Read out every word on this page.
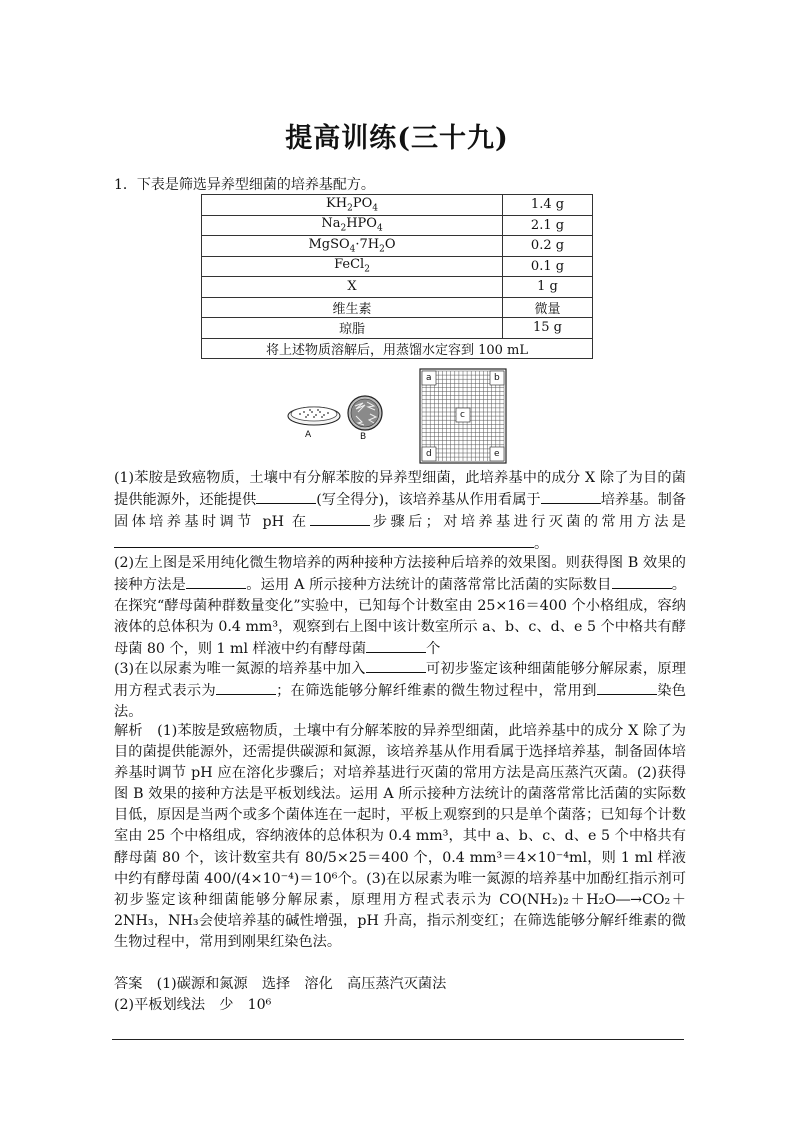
提高训练(三十九)
1．下表是筛选异养型细菌的培养基配方。
$KH_2PO_4$	1.4 g
$Na_2HPO_4$	2.1 g
$MgSO_4\cdot 7H_2O$	0.2 g
FeCl$_2$	0.1 g
X	1 g
维生素	微量
琼脂	15 g
将上述物质溶解后，用蒸馏水定容到 100 mL	
A	B
a	b
c
d	e
(1)苯胺是致癌物质，土壤中有分解苯胺的异养型细菌，此培养基中的成分 X 除了为目的菌提供能源外，还能提供	(写全得分)，该培养基从作用看属于	培养基。制备固体培养基时调节 pH 在	步骤后；对培养基进行灭菌的常用方法是。
(2)左上图是采用纯化微生物培养的两种接种方法接种后培养的效果图。则获得图 B 效果的接种方法是	。运用 A 所示接种方法统计的菌落常常比活菌的实际数目	。在探究“酵母菌种群数量变化”实验中，已知每个计数室由 25×16＝400 个小格组成，容纳液体的总体积为 0.4 mm³，观察到右上图中该计数室所示 a、b、c、d、e 5 个中格共有酵母菌 80 个，则 1 ml 样液中约有酵母菌	个
(3)在以尿素为唯一氮源的培养基中加入	可初步鉴定该种细菌能够分解尿素，原理用方程式表示为	；在筛选能够分解纤维素的微生物过程中，常用到	染色法。
解析　 (1)苯胺是致癌物质，土壤中有分解苯胺的异养型细菌，此培养基中的成分 X 除了为目的菌提供能源外，还需提供碳源和氮源，该培养基从作用看属于选择培养基，制备固体培养基时调节 pH 应在溶化步骤后；对培养基进行灭菌的常用方法是高压蒸汽灭菌。(2)获得图 B 效果的接种方法是平板划线法。运用 A 所示接种方法统计的菌落常常比活菌的实际数目低，原因是当两个或多个菌体连在一起时，平板上观察到的只是单个菌落；已知每个计数室由 25 个中格组成，容纳液体的总体积为 0.4 mm³，其中 a、b、c、d、e 5 个中格共有酵母菌 80 个，该计数室共有 80/5×25＝400 个，0.4 mm³＝4×10⁻⁴ml，则 1 ml 样液中约有酵母菌 400/(4×10⁻⁴)＝10⁶个。(3)在以尿素为唯一氮源的培养基中加酚红指示剂可初步鉴定该种细菌能够分解尿素，原理用方程式表示为 CO(NH₂)₂＋H₂O―→CO₂＋2NH₃，NH₃会使培养基的碱性增强，pH 升高，指示剂变红；在筛选能够分解纤维素的微生物过程中，常用到刚果红染色法。
答案　 (1)碳源和氮源　选择　溶化　高压蒸汽灭菌法
(2)平板划线法　少　10⁶
